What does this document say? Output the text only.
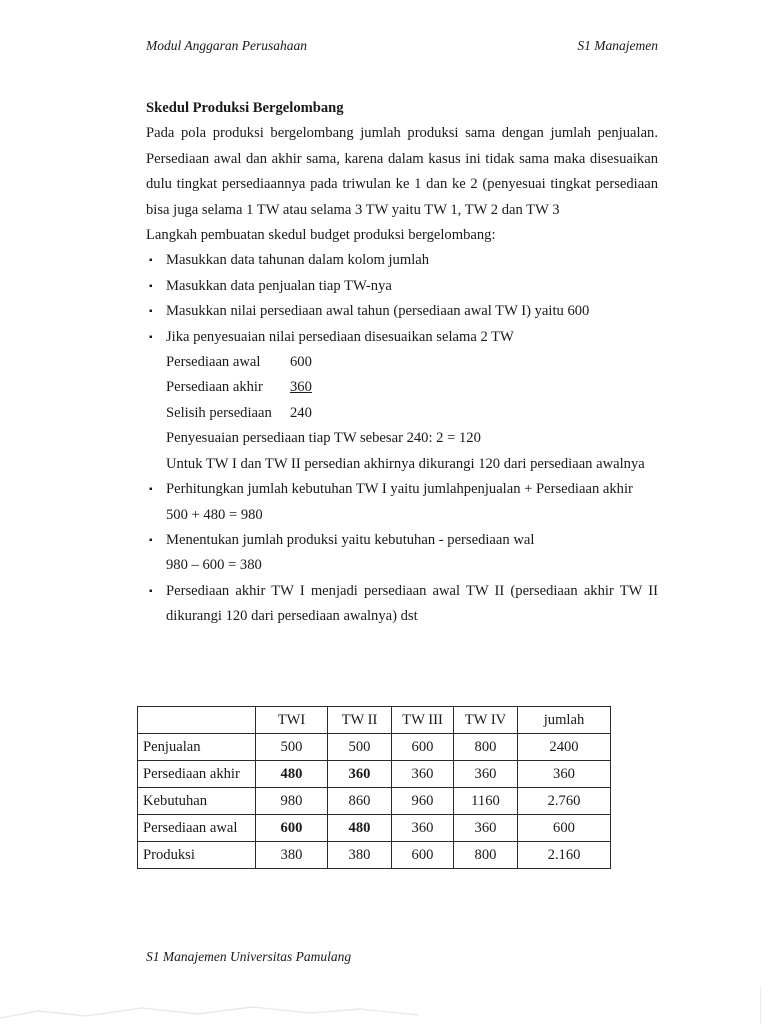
Modul Anggaran Perusahaan	S1 Manajemen
Skedul Produksi Bergelombang
Pada pola produksi bergelombang jumlah produksi sama dengan jumlah penjualan. Persediaan awal dan akhir sama, karena dalam kasus ini tidak sama maka disesuaikan dulu tingkat persediaannya pada triwulan ke 1 dan ke 2 (penyesuai tingkat persediaan bisa juga selama 1 TW atau selama 3 TW yaitu TW 1, TW 2 dan TW 3
Langkah pembuatan skedul budget produksi bergelombang:
▪ Masukkan data tahunan dalam kolom jumlah
▪ Masukkan data penjualan tiap TW-nya
▪ Masukkan nilai persediaan awal tahun (persediaan awal TW I) yaitu 600
▪ Jika penyesuaian nilai persediaan disesuaikan selama 2 TW
Persediaan awal	600
Persediaan akhir	360
Selisih persediaan	240
Penyesuaian persediaan tiap TW sebesar 240: 2 = 120
Untuk TW I dan TW II persedian akhirnya dikurangi 120 dari persediaan awalnya
▪ Perhitungkan jumlah kebutuhan TW I yaitu jumlahpenjualan + Persediaan akhir
500 + 480 = 980
▪ Menentukan jumlah produksi yaitu kebutuhan - persediaan wal
980 – 600 = 380
▪ Persediaan akhir TW I menjadi persediaan awal TW II (persediaan akhir TW II dikurangi 120 dari persediaan awalnya) dst
	TWI	TW II	TW III	TW IV	jumlah
Penjualan	500	500	600	800	2400
Persediaan akhir	480	360	360	360	360
Kebutuhan	980	860	960	1160	2.760
Persediaan awal	600	480	360	360	600
Produksi	380	380	600	800	2.160
S1 Manajemen Universitas Pamulang
